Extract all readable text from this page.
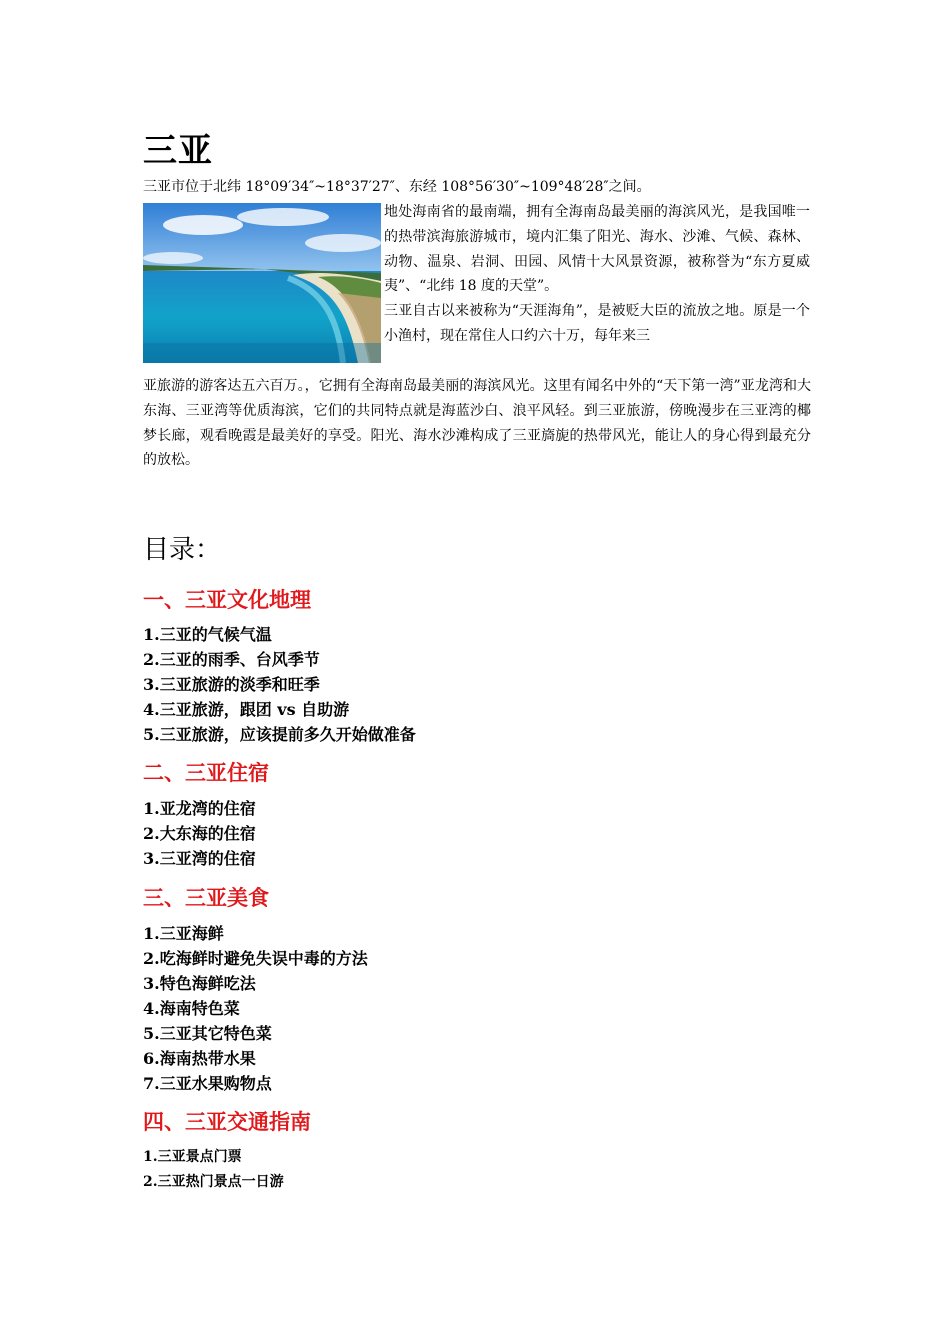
三亚
三亚市位于北纬 18°09′34″~18°37′27″、东经 108°56′30″~109°48′28″之间。

地处海南省的最南端，拥有全海南岛最美丽的海滨风光，是我国唯一的热带滨海旅游城市，境内汇集了阳光、海水、沙滩、气候、森林、动物、温泉、岩洞、田园、风情十大风景资源，被称誉为“东方夏威夷”、“北纬 18 度的天堂”。
三亚自古以来被称为“天涯海角”，是被贬大臣的流放之地。原是一个小渔村，现在常住人口约六十万，每年来三

亚旅游的游客达五六百万。，它拥有全海南岛最美丽的海滨风光。这里有闻名中外的“天下第一湾”亚龙湾和大东海、三亚湾等优质海滨，它们的共同特点就是海蓝沙白、浪平风轻。到三亚旅游，傍晚漫步在三亚湾的椰梦长廊，观看晚霞是最美好的享受。阳光、海水沙滩构成了三亚旖旎的热带风光，能让人的身心得到最充分的放松。

目录：
一、三亚文化地理
1.三亚的气候气温
2.三亚的雨季、台风季节
3.三亚旅游的淡季和旺季
4.三亚旅游，跟团 vs 自助游
5.三亚旅游，应该提前多久开始做准备
二、三亚住宿
1.亚龙湾的住宿
2.大东海的住宿
3.三亚湾的住宿
三、三亚美食
1.三亚海鲜
2.吃海鲜时避免失误中毒的方法
3.特色海鲜吃法
4.海南特色菜
5.三亚其它特色菜
6.海南热带水果
7.三亚水果购物点
四、三亚交通指南
1.三亚景点门票
2.三亚热门景点一日游
